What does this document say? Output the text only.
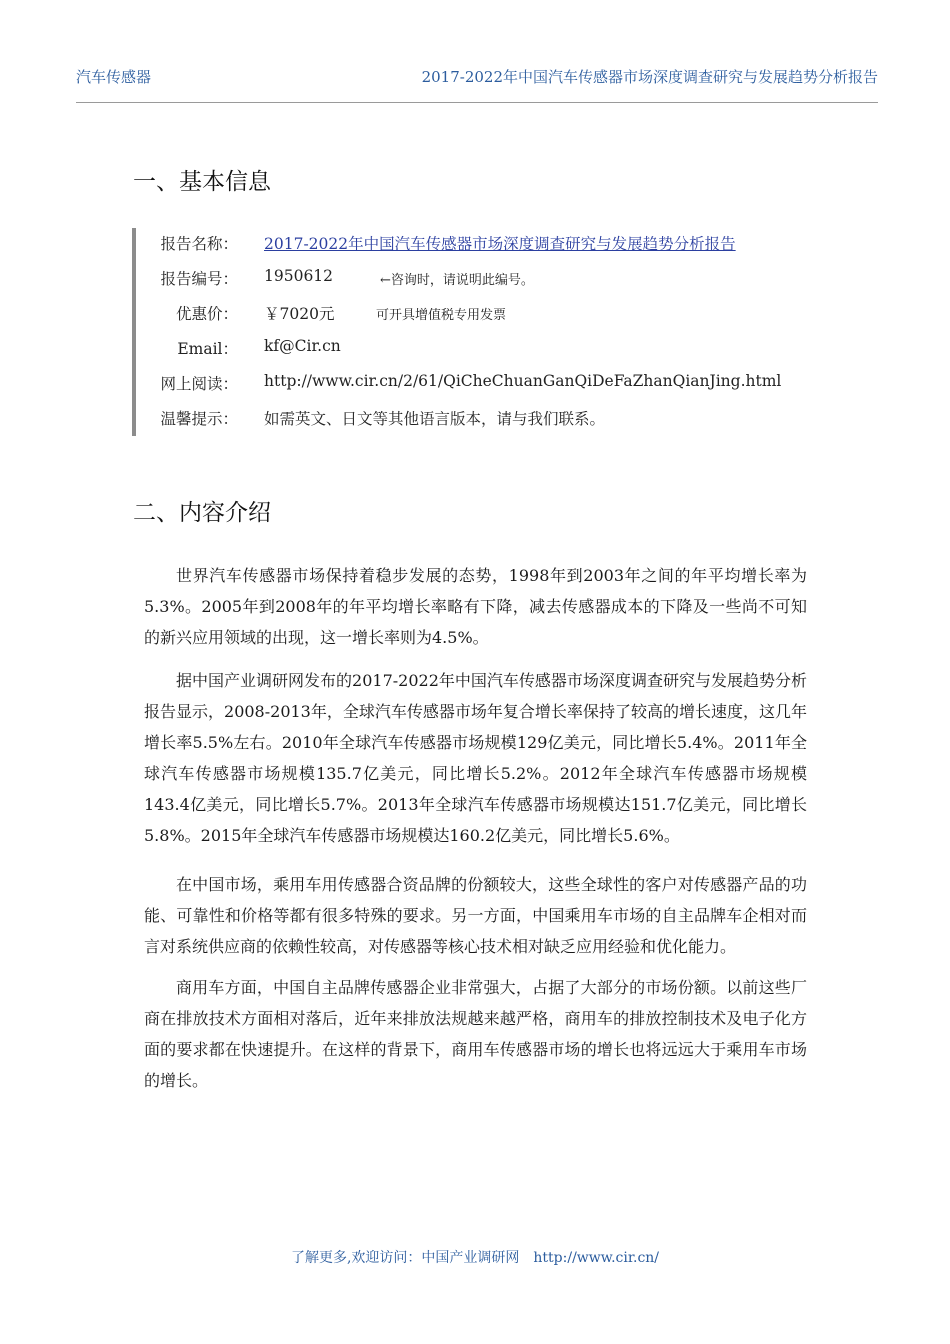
汽车传感器	2017-2022年中国汽车传感器市场深度调查研究与发展趋势分析报告
一、基本信息
报告名称： 2017-2022年中国汽车传感器市场深度调查研究与发展趋势分析报告
报告编号： 1950612	←咨询时，请说明此编号。
优惠价： ￥7020元	可开具增值税专用发票
Email： kf@Cir.cn
网上阅读： http://www.cir.cn/2/61/QiCheChuanGanQiDeFaZhanQianJing.html
温馨提示： 如需英文、日文等其他语言版本，请与我们联系。
二、内容介绍

世界汽车传感器市场保持着稳步发展的态势，1998年到2003年之间的年平均增长率为5.3%。2005年到2008年的年平均增长率略有下降，减去传感器成本的下降及一些尚不可知的新兴应用领域的出现，这一增长率则为4.5%。

据中国产业调研网发布的2017-2022年中国汽车传感器市场深度调查研究与发展趋势分析报告显示，2008-2013年，全球汽车传感器市场年复合增长率保持了较高的增长速度，这几年增长率5.5%左右。2010年全球汽车传感器市场规模129亿美元，同比增长5.4%。2011年全球汽车传感器市场规模135.7亿美元，同比增长5.2%。2012年全球汽车传感器市场规模143.4亿美元，同比增长5.7%。2013年全球汽车传感器市场规模达151.7亿美元，同比增长5.8%。2015年全球汽车传感器市场规模达160.2亿美元，同比增长5.6%。

在中国市场，乘用车用传感器合资品牌的份额较大，这些全球性的客户对传感器产品的功能、可靠性和价格等都有很多特殊的要求。另一方面，中国乘用车市场的自主品牌车企相对而言对系统供应商的依赖性较高，对传感器等核心技术相对缺乏应用经验和优化能力。

商用车方面，中国自主品牌传感器企业非常强大，占据了大部分的市场份额。以前这些厂商在排放技术方面相对落后，近年来排放法规越来越严格，商用车的排放控制技术及电子化方面的要求都在快速提升。在这样的背景下，商用车传感器市场的增长也将远远大于乘用车市场的增长。

了解更多,欢迎访问：中国产业调研网 http://www.cir.cn/
